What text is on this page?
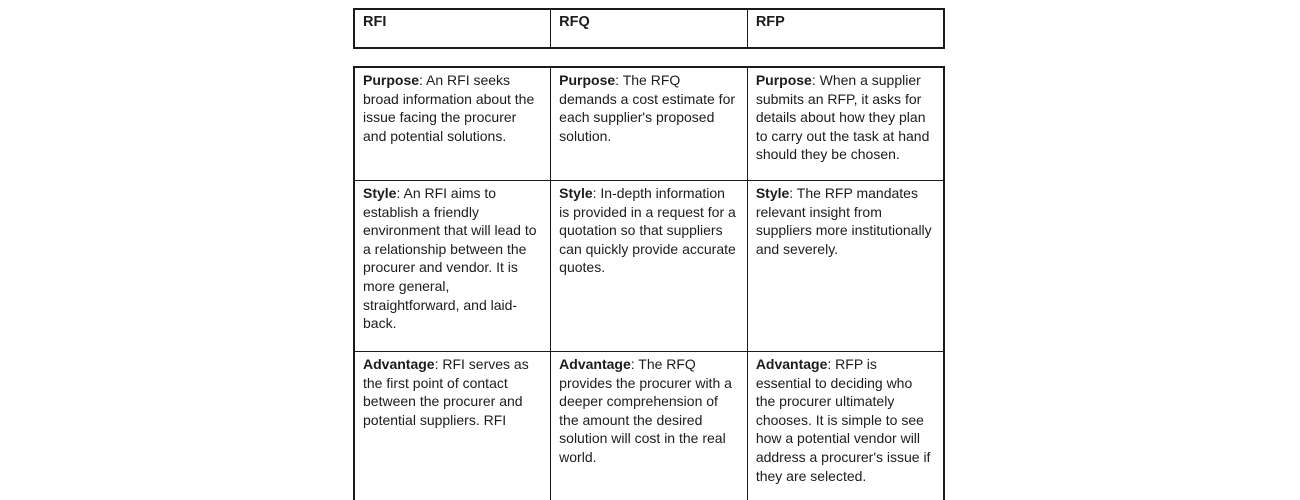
RFI	RFQ	RFP
Purpose: An RFI seeks broad information about the issue facing the procurer and potential solutions.	Purpose: The RFQ demands a cost estimate for each supplier's proposed solution.	Purpose: When a supplier submits an RFP, it asks for details about how they plan to carry out the task at hand should they be chosen.
Style: An RFI aims to establish a friendly environment that will lead to a relationship between the procurer and vendor. It is more general, straightforward, and laid-back.	Style: In-depth information is provided in a request for a quotation so that suppliers can quickly provide accurate quotes.	Style: The RFP mandates relevant insight from suppliers more institutionally and severely.
Advantage: RFI serves as the first point of contact between the procurer and potential suppliers. RFI	Advantage: The RFQ provides the procurer with a deeper comprehension of the amount the desired solution will cost in the real world.	Advantage: RFP is essential to deciding who the procurer ultimately chooses. It is simple to see how a potential vendor will address a procurer's issue if they are selected.
